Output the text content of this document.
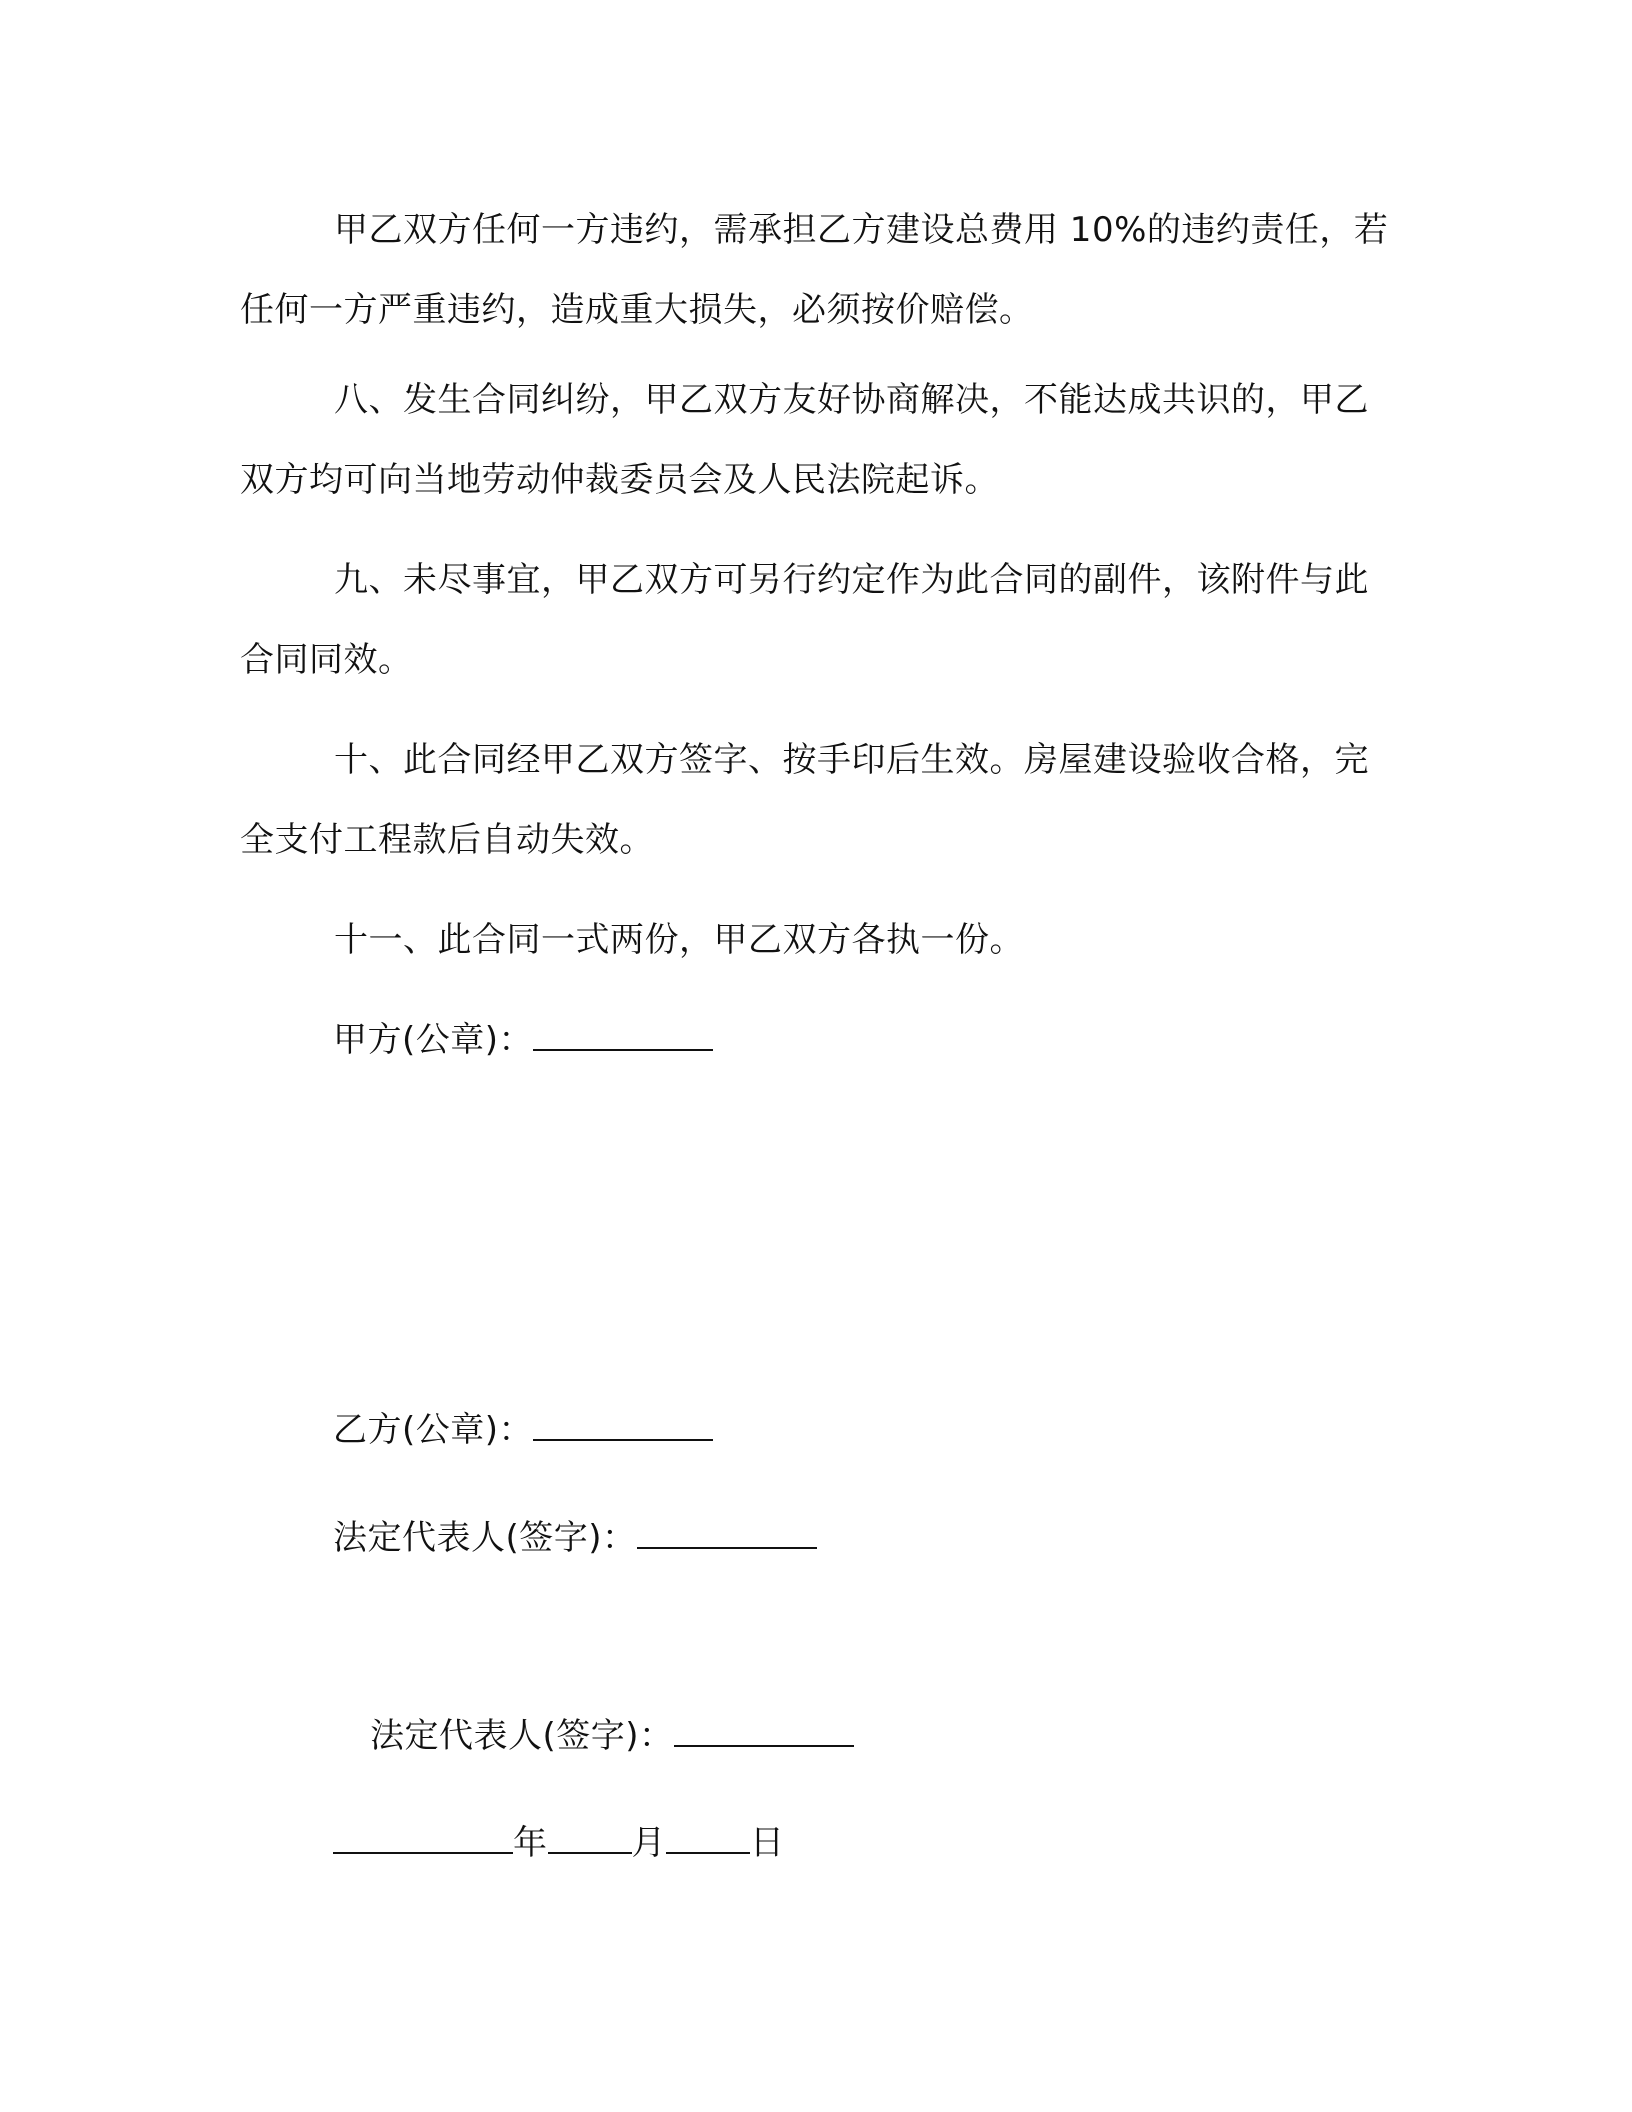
甲乙双方任何一方违约，需承担乙方建设总费用 10%的违约责任，若任何一方严重违约，造成重大损失，必须按价赔偿。

八、发生合同纠纷，甲乙双方友好协商解决，不能达成共识的，甲乙双方均可向当地劳动仲裁委员会及人民法院起诉。

九、未尽事宜，甲乙双方可另行约定作为此合同的副件，该附件与此合同同效。

十、此合同经甲乙双方签字、按手印后生效。房屋建设验收合格，完全支付工程款后自动失效。

十一、此合同一式两份，甲乙双方各执一份。

甲方(公章)：
乙方(公章)：
法定代表人(签字)：
法定代表人(签字)：
年 月 日
